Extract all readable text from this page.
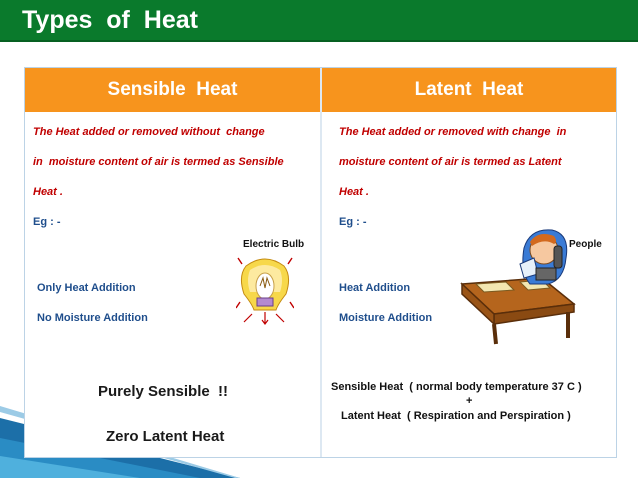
Types  of  Heat
Sensible  Heat	Latent  Heat
The Heat added or removed without  change
in  moisture content of air is termed as Sensible
Heat .
Eg : -
Electric Bulb
Only Heat Addition
No Moisture Addition
Purely Sensible  !!
Zero Latent Heat
The Heat added or removed with change  in
moisture content of air is termed as Latent
Heat .
Eg : -
People
Heat Addition
Moisture Addition
Sensible Heat  ( normal body temperature 37 C )
+
Latent Heat  ( Respiration and Perspiration )
